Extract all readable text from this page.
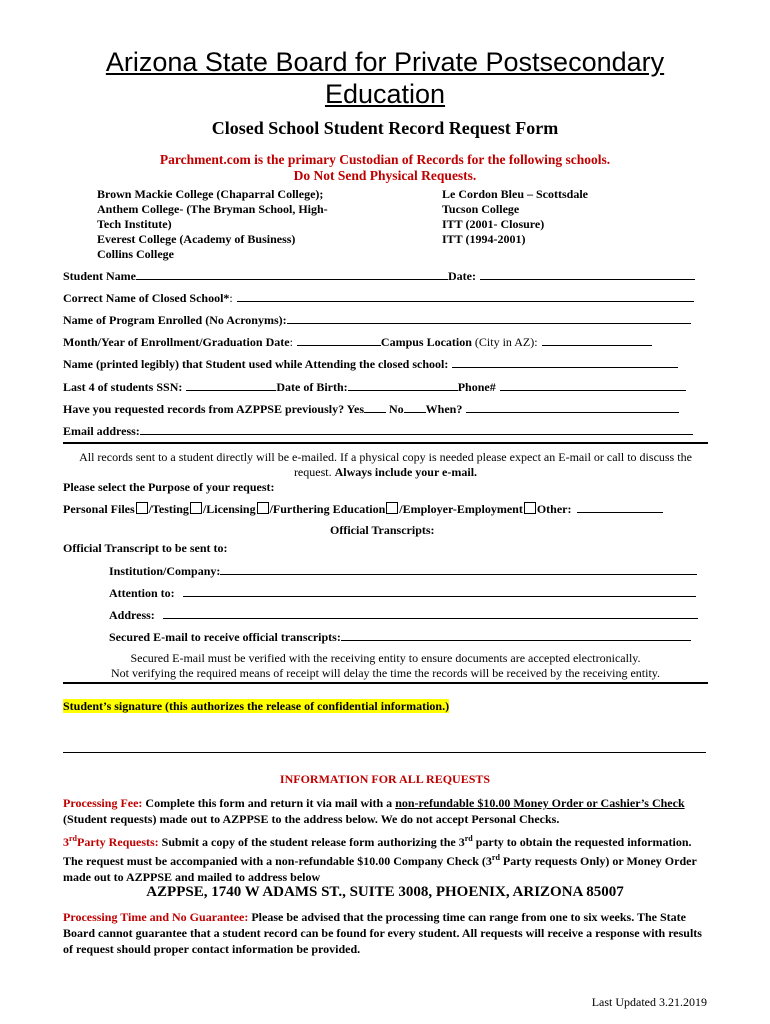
Arizona State Board for Private Postsecondary
Education
Closed School Student Record Request Form
Parchment.com is the primary Custodian of Records for the following schools.
Do Not Send Physical Requests.
Brown Mackie College (Chaparral College);
Anthem College- (The Bryman School, High-
Tech Institute)
Everest College (Academy of Business)
Collins College
Le Cordon Bleu – Scottsdale
Tucson College
ITT (2001- Closure)
ITT (1994-2001)
Student Name	Date:
Correct Name of Closed School*:
Name of Program Enrolled (No Acronyms):
Month/Year of Enrollment/Graduation Date:	Campus Location (City in AZ):
Name (printed legibly) that Student used while Attending the closed school:
Last 4 of students SSN:	Date of Birth:	Phone#
Have you requested records from AZPPSE previously? Yes No When?
Email address:
All records sent to a student directly will be e-mailed. If a physical copy is needed please expect an E-mail or call to discuss the
request. Always include your e-mail.
Please select the Purpose of your request:
Personal Files /Testing /Licensing /Furthering Education /Employer-Employment Other:
Official Transcripts:
Official Transcript to be sent to:
Institution/Company:
Attention to:
Address:
Secured E-mail to receive official transcripts:
Secured E-mail must be verified with the receiving entity to ensure documents are accepted electronically.
Not verifying the required means of receipt will delay the time the records will be received by the receiving entity.
Student’s signature (this authorizes the release of confidential information.)
INFORMATION FOR ALL REQUESTS
Processing Fee: Complete this form and return it via mail with a non-refundable $10.00 Money Order or Cashier’s Check (Student requests) made out to AZPPSE to the address below. We do not accept Personal Checks.
3rdParty Requests: Submit a copy of the student release form authorizing the 3rd party to obtain the requested information. The request must be accompanied with a non-refundable $10.00 Company Check (3rd Party requests Only) or Money Order made out to AZPPSE and mailed to address below
AZPPSE, 1740 W ADAMS ST., SUITE 3008, PHOENIX, ARIZONA 85007
Processing Time and No Guarantee: Please be advised that the processing time can range from one to six weeks. The State Board cannot guarantee that a student record can be found for every student. All requests will receive a response with results of request should proper contact information be provided.
Last Updated 3.21.2019
